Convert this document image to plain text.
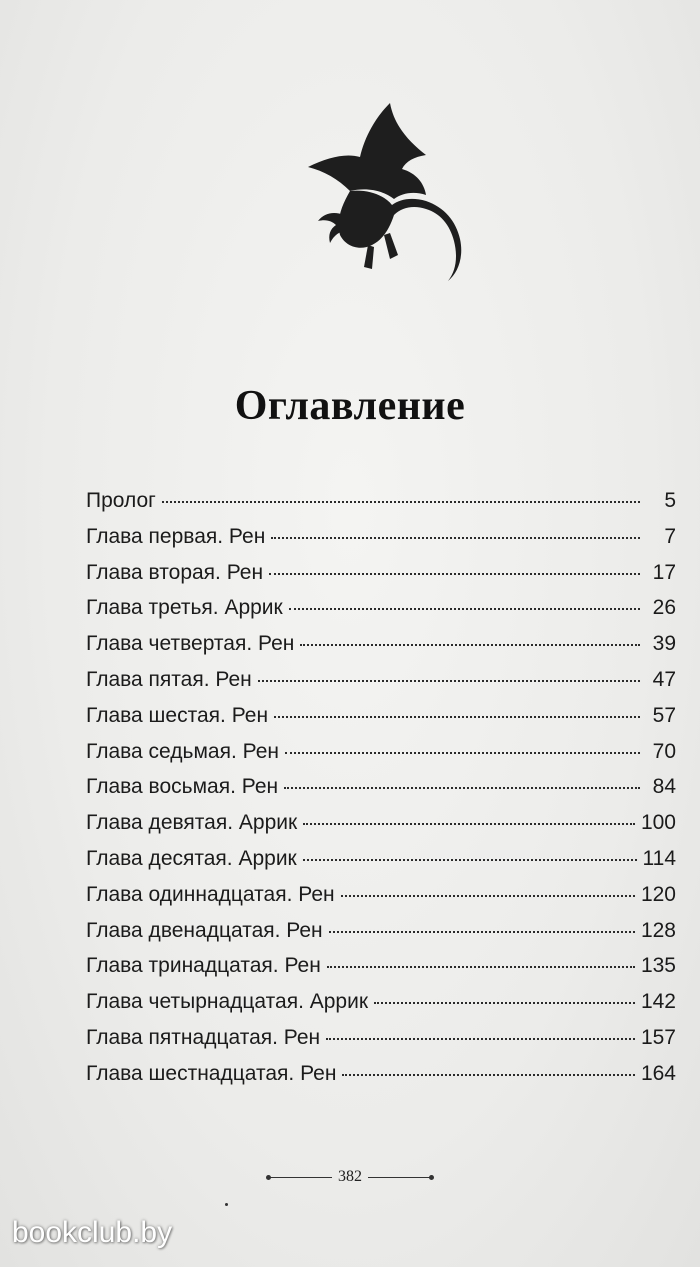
Оглавление
Пролог	5
Глава первая. Рен	7
Глава вторая. Рен	17
Глава третья. Аррик	26
Глава четвертая. Рен	39
Глава пятая. Рен	47
Глава шестая. Рен	57
Глава седьмая. Рен	70
Глава восьмая. Рен	84
Глава девятая. Аррик	100
Глава десятая. Аррик	114
Глава одиннадцатая. Рен	120
Глава двенадцатая. Рен	128
Глава тринадцатая. Рен	135
Глава четырнадцатая. Аррик	142
Глава пятнадцатая. Рен	157
Глава шестнадцатая. Рен	164
382
bookclub.by
